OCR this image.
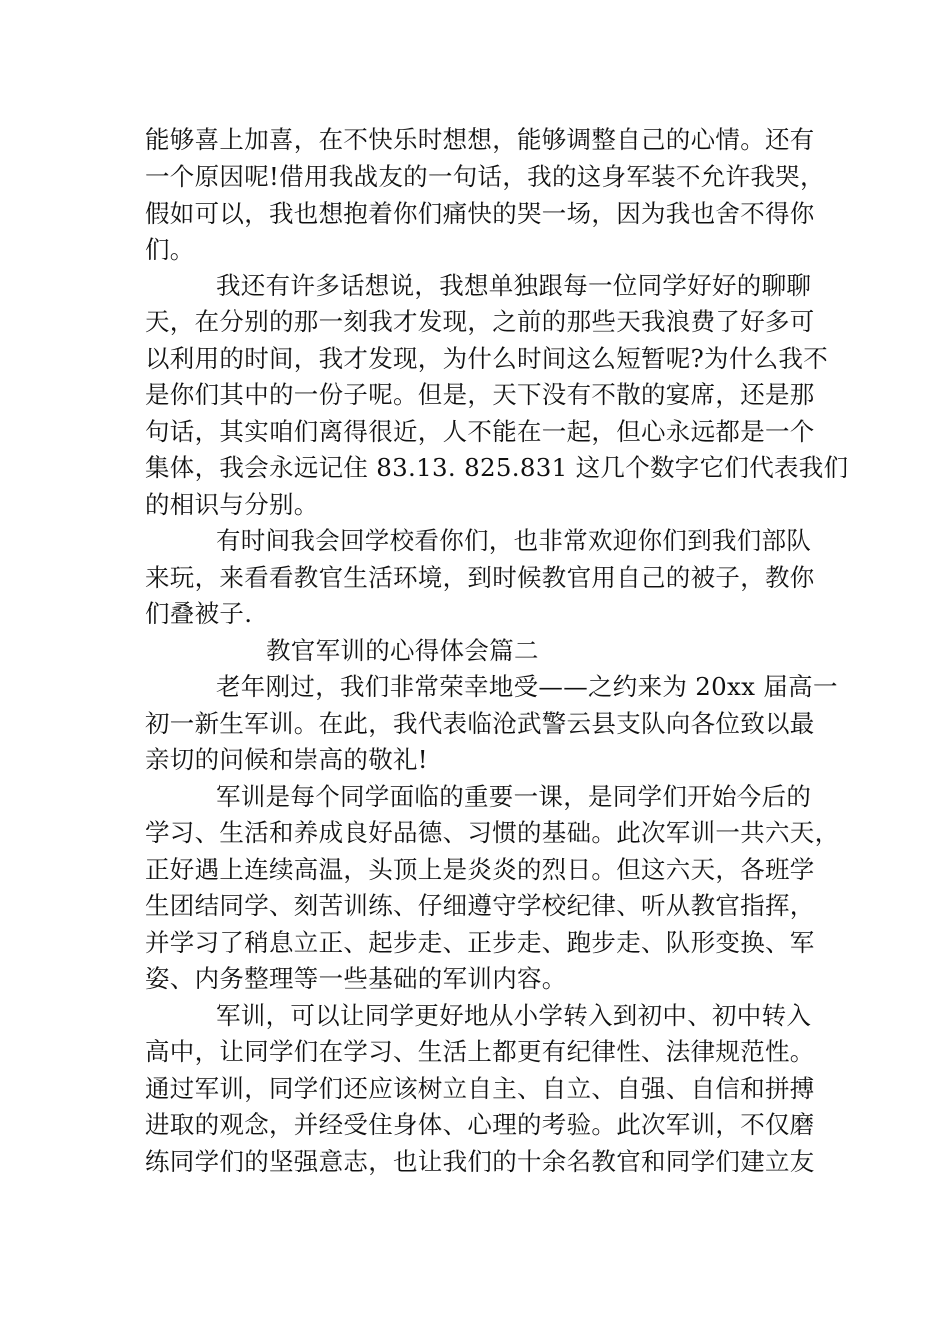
能够喜上加喜，在不快乐时想想，能够调整自己的心情。还有
一个原因呢!借用我战友的一句话，我的这身军装不允许我哭，
假如可以，我也想抱着你们痛快的哭一场，因为我也舍不得你
们。
我还有许多话想说，我想单独跟每一位同学好好的聊聊
天，在分别的那一刻我才发现，之前的那些天我浪费了好多可
以利用的时间，我才发现，为什么时间这么短暂呢?为什么我不
是你们其中的一份子呢。但是，天下没有不散的宴席，还是那
句话，其实咱们离得很近，人不能在一起，但心永远都是一个
集体，我会永远记住 83.13. 825.831 这几个数字它们代表我们
的相识与分别。
有时间我会回学校看你们，也非常欢迎你们到我们部队
来玩，来看看教官生活环境，到时候教官用自己的被子，教你
们叠被子.
教官军训的心得体会篇二
老年刚过，我们非常荣幸地受——之约来为 20xx 届高一
初一新生军训。在此，我代表临沧武警云县支队向各位致以最
亲切的问候和崇高的敬礼!
军训是每个同学面临的重要一课，是同学们开始今后的
学习、生活和养成良好品德、习惯的基础。此次军训一共六天，
正好遇上连续高温，头顶上是炎炎的烈日。但这六天，各班学
生团结同学、刻苦训练、仔细遵守学校纪律、听从教官指挥，
并学习了稍息立正、起步走、正步走、跑步走、队形变换、军
姿、内务整理等一些基础的军训内容。
军训，可以让同学更好地从小学转入到初中、初中转入
高中，让同学们在学习、生活上都更有纪律性、法律规范性。
通过军训，同学们还应该树立自主、自立、自强、自信和拼搏
进取的观念，并经受住身体、心理的考验。此次军训，不仅磨
练同学们的坚强意志，也让我们的十余名教官和同学们建立友
